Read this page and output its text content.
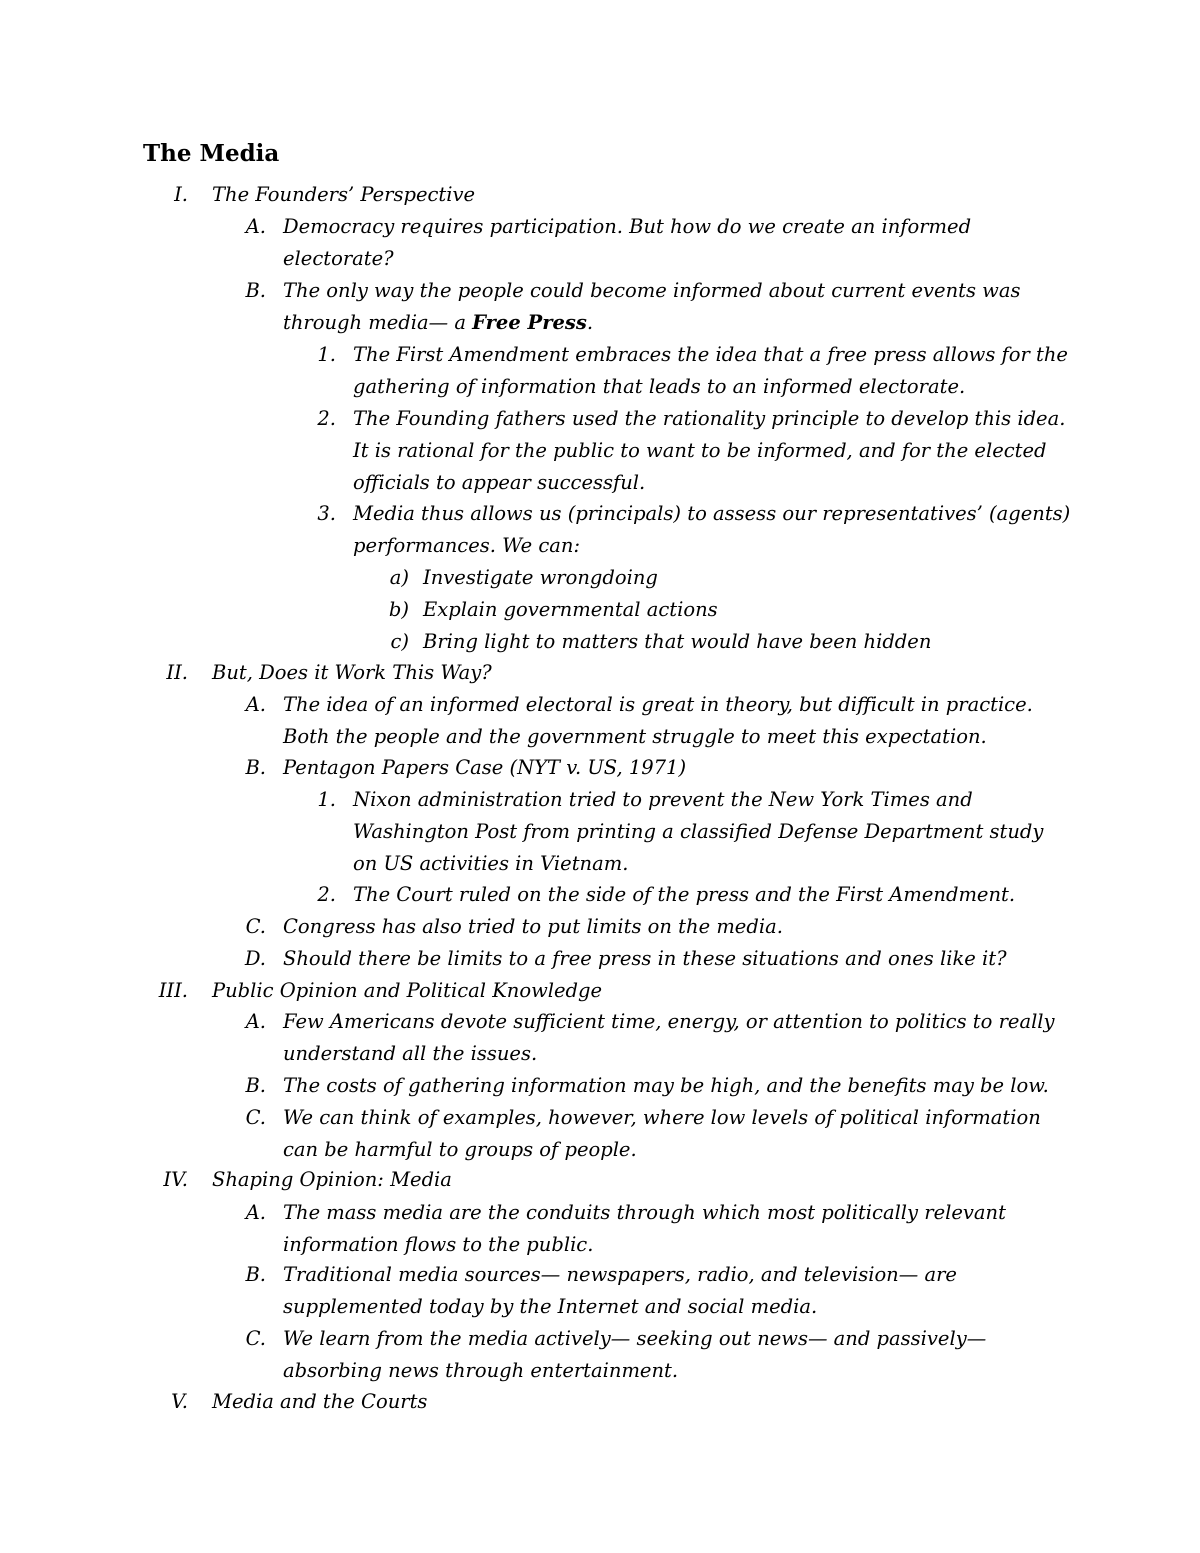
The Media
I. The Founders’ Perspective
A. Democracy requires participation. But how do we create an informed electorate?
B. The only way the people could become informed about current events was through media— a Free Press.
1. The First Amendment embraces the idea that a free press allows for the gathering of information that leads to an informed electorate.
2. The Founding fathers used the rationality principle to develop this idea. It is rational for the public to want to be informed, and for the elected officials to appear successful.
3. Media thus allows us (principals) to assess our representatives’ (agents) performances. We can:
a) Investigate wrongdoing
b) Explain governmental actions
c) Bring light to matters that would have been hidden
II. But, Does it Work This Way?
A. The idea of an informed electoral is great in theory, but difficult in practice. Both the people and the government struggle to meet this expectation.
B. Pentagon Papers Case (NYT v. US, 1971)
1. Nixon administration tried to prevent the New York Times and Washington Post from printing a classified Defense Department study on US activities in Vietnam.
2. The Court ruled on the side of the press and the First Amendment.
C. Congress has also tried to put limits on the media.
D. Should there be limits to a free press in these situations and ones like it?
III. Public Opinion and Political Knowledge
A. Few Americans devote sufficient time, energy, or attention to politics to really understand all the issues.
B. The costs of gathering information may be high, and the benefits may be low.
C. We can think of examples, however, where low levels of political information can be harmful to groups of people.
IV. Shaping Opinion: Media
A. The mass media are the conduits through which most politically relevant information flows to the public.
B. Traditional media sources— newspapers, radio, and television— are supplemented today by the Internet and social media.
C. We learn from the media actively— seeking out news— and passively— absorbing news through entertainment.
V. Media and the Courts
